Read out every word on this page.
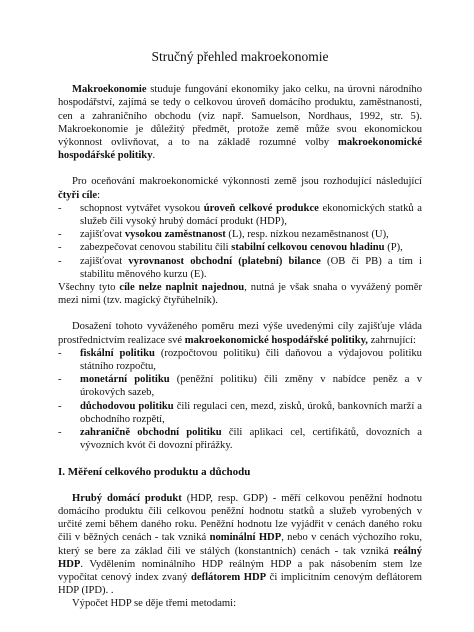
Stručný přehled makroekonomie

Makroekonomie studuje fungování ekonomiky jako celku, na úrovni národního hospodářství, zajímá se tedy o celkovou úroveň domácího produktu, zaměstnanosti, cen a zahraničního obchodu (viz např. Samuelson, Nordhaus, 1992, str. 5). Makroekonomie je důležitý předmět, protože země může svou ekonomickou výkonnost ovlivňovat, a to na základě rozumné volby makroekonomické hospodářské politiky.

Pro oceňování makroekonomické výkonnosti země jsou rozhodující následující čtyři cíle:

- schopnost vytvářet vysokou úroveň celkové produkce ekonomických statků a služeb čili vysoký hrubý domácí produkt (HDP),
- zajišťovat vysokou zaměstnanost (L), resp. nízkou nezaměstnanost (U),
- zabezpečovat cenovou stabilitu čili stabilní celkovou cenovou hladinu (P),
- zajišťovat vyrovnanost obchodní (platební) bilance (OB či PB) a tím i stabilitu měnového kurzu (E).

Všechny tyto cíle nelze naplnit najednou, nutná je však snaha o vyvážený poměr mezi nimi (tzv. magický čtyřúhelník).

Dosažení tohoto vyváženého poměru mezi výše uvedenými cíly zajišťuje vláda prostřednictvím realizace své makroekonomické hospodářské politiky, zahrnující:

- fiskální politiku (rozpočtovou politiku) čili daňovou a výdajovou politiku státního rozpočtu,
- monetární politiku (peněžní politiku) čili změny v nabídce peněz a v úrokových sazeb,
- důchodovou politiku čili regulaci cen, mezd, zisků, úroků, bankovních marží a obchodního rozpětí,
- zahraničně obchodní politiku čili aplikaci cel, certifikátů, dovozních a vývozních kvót či dovozní přirážky.
I. Měření celkového produktu a důchodu

Hrubý domácí produkt (HDP, resp. GDP) - měří celkovou peněžní hodnotu domácího produktu čili celkovou peněžní hodnotu statků a služeb vyrobených v určité zemi během daného roku. Peněžní hodnotu lze vyjádřit v cenách daného roku čili v běžných cenách - tak vzniká nominální HDP, nebo v cenách výchozího roku, který se bere za základ čili ve stálých (konstantních) cenách - tak vzniká reálný HDP. Vydělením nominálního HDP reálným HDP a pak násobením stem lze vypočítat cenový index zvaný deflátorem HDP či implicitním cenovým deflátorem HDP (IPD). .

Výpočet HDP se děje třemi metodami:
